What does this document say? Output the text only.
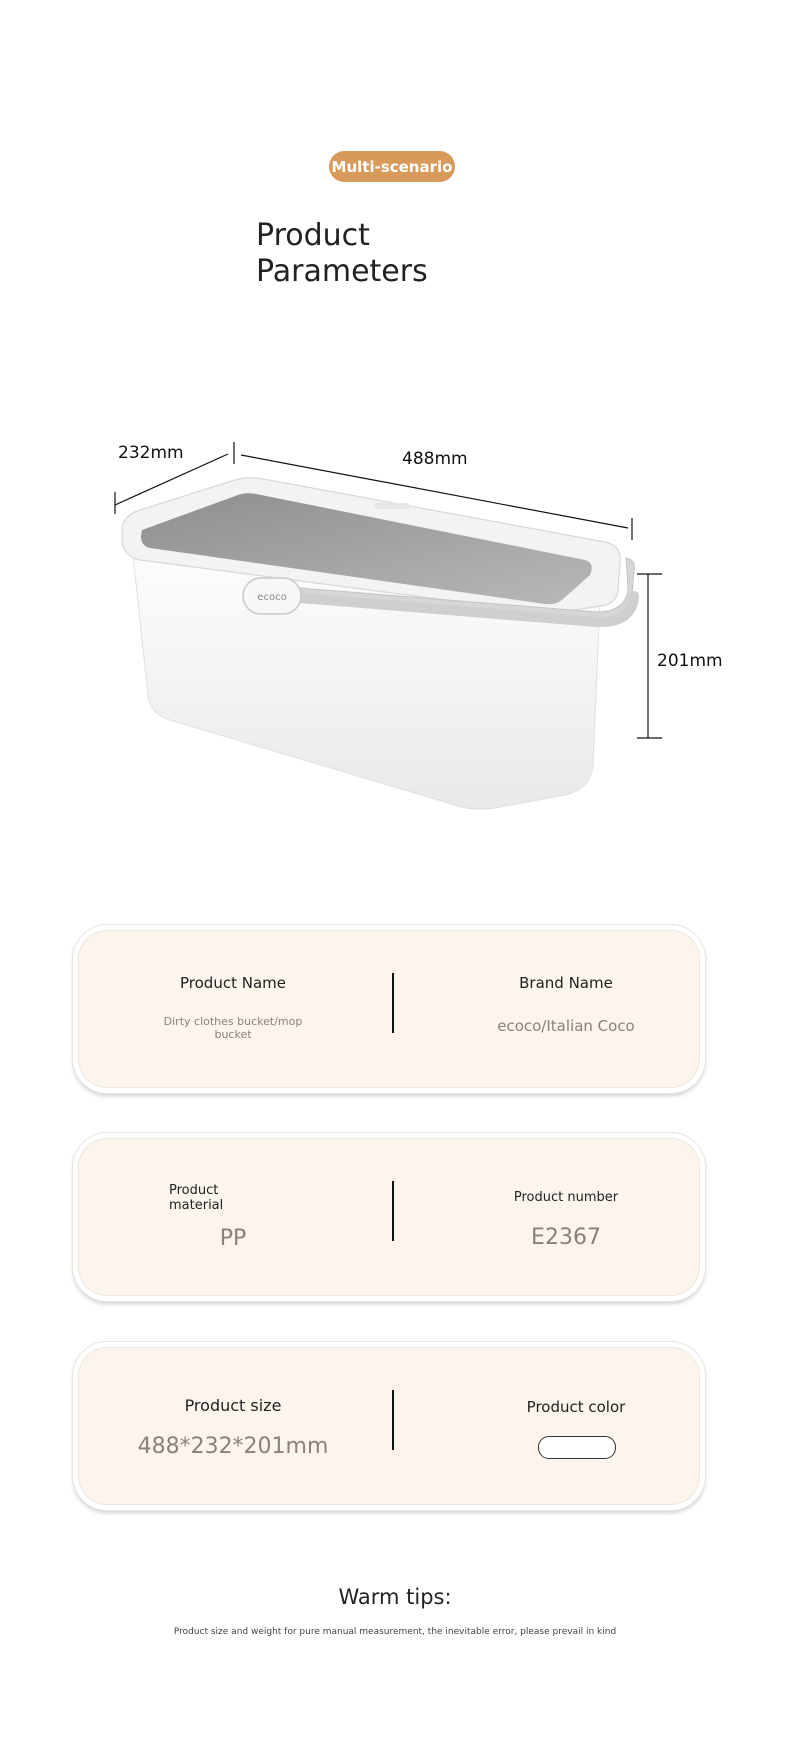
Multi-scenario
Product
Parameters
232mm	488mm
201mm
ecoco
Product Name
Dirty clothes bucket/mop bucket
Brand Name
ecoco/Italian Coco
Product material
PP
Product number
E2367
Product size
488*232*201mm
Product color
Warm tips:
Product size and weight for pure manual measurement, the inevitable error, please prevail in kind
